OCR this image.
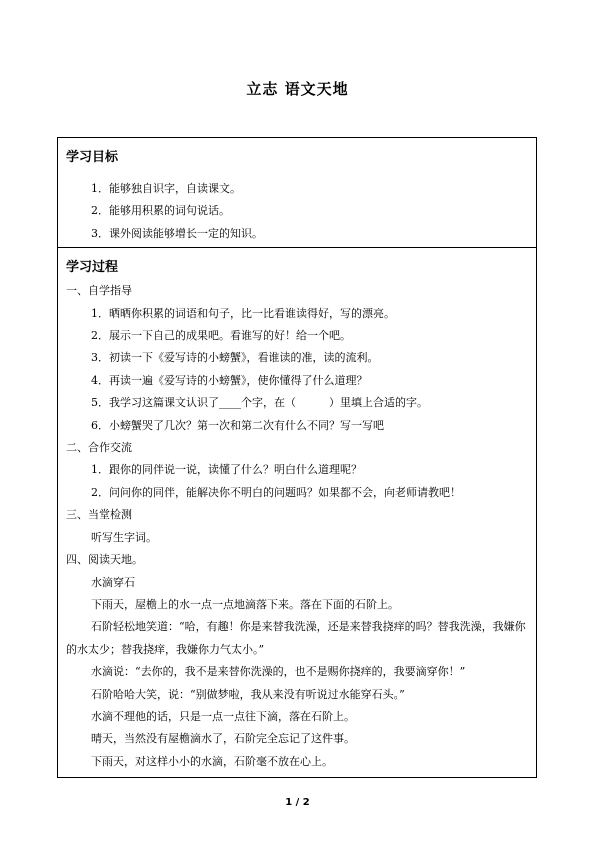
立志 语文天地
学习目标
1．能够独自识字，自读课文。
2．能够用积累的词句说话。
3．课外阅读能够增长一定的知识。
学习过程
一、自学指导
1．晒晒你积累的词语和句子，比一比看谁读得好，写的漂亮。
2．展示一下自己的成果吧。看谁写的好！给一个吧。
3．初读一下《爱写诗的小螃蟹》，看谁读的准，读的流利。
4．再读一遍《爱写诗的小螃蟹》，使你懂得了什么道理？
5．我学习这篇课文认识了____个字，在（　　　）里填上合适的字。
6．小螃蟹哭了几次？第一次和第二次有什么不同？写一写吧
二、合作交流
1．跟你的同伴说一说，读懂了什么？明白什么道理呢？
2．问问你的同伴，能解决你不明白的问题吗？如果都不会，向老师请教吧！
三、当堂检测
听写生字词。
四、阅读天地。
水滴穿石
下雨天，屋檐上的水一点一点地滴落下来。落在下面的石阶上。
石阶轻松地笑道：“哈，有趣！你是来替我洗澡，还是来替我挠痒的吗？替我洗澡，我嫌你的水太少；替我挠痒，我嫌你力气太小。”
水滴说：“去你的，我不是来替你洗澡的，也不是赐你挠痒的，我要滴穿你！”
石阶哈哈大笑，说：“别做梦啦，我从来没有听说过水能穿石头。”
水滴不理他的话，只是一点一点往下滴，落在石阶上。
晴天，当然没有屋檐滴水了，石阶完全忘记了这件事。
下雨天，对这样小小的水滴，石阶毫不放在心上。
1 / 2
